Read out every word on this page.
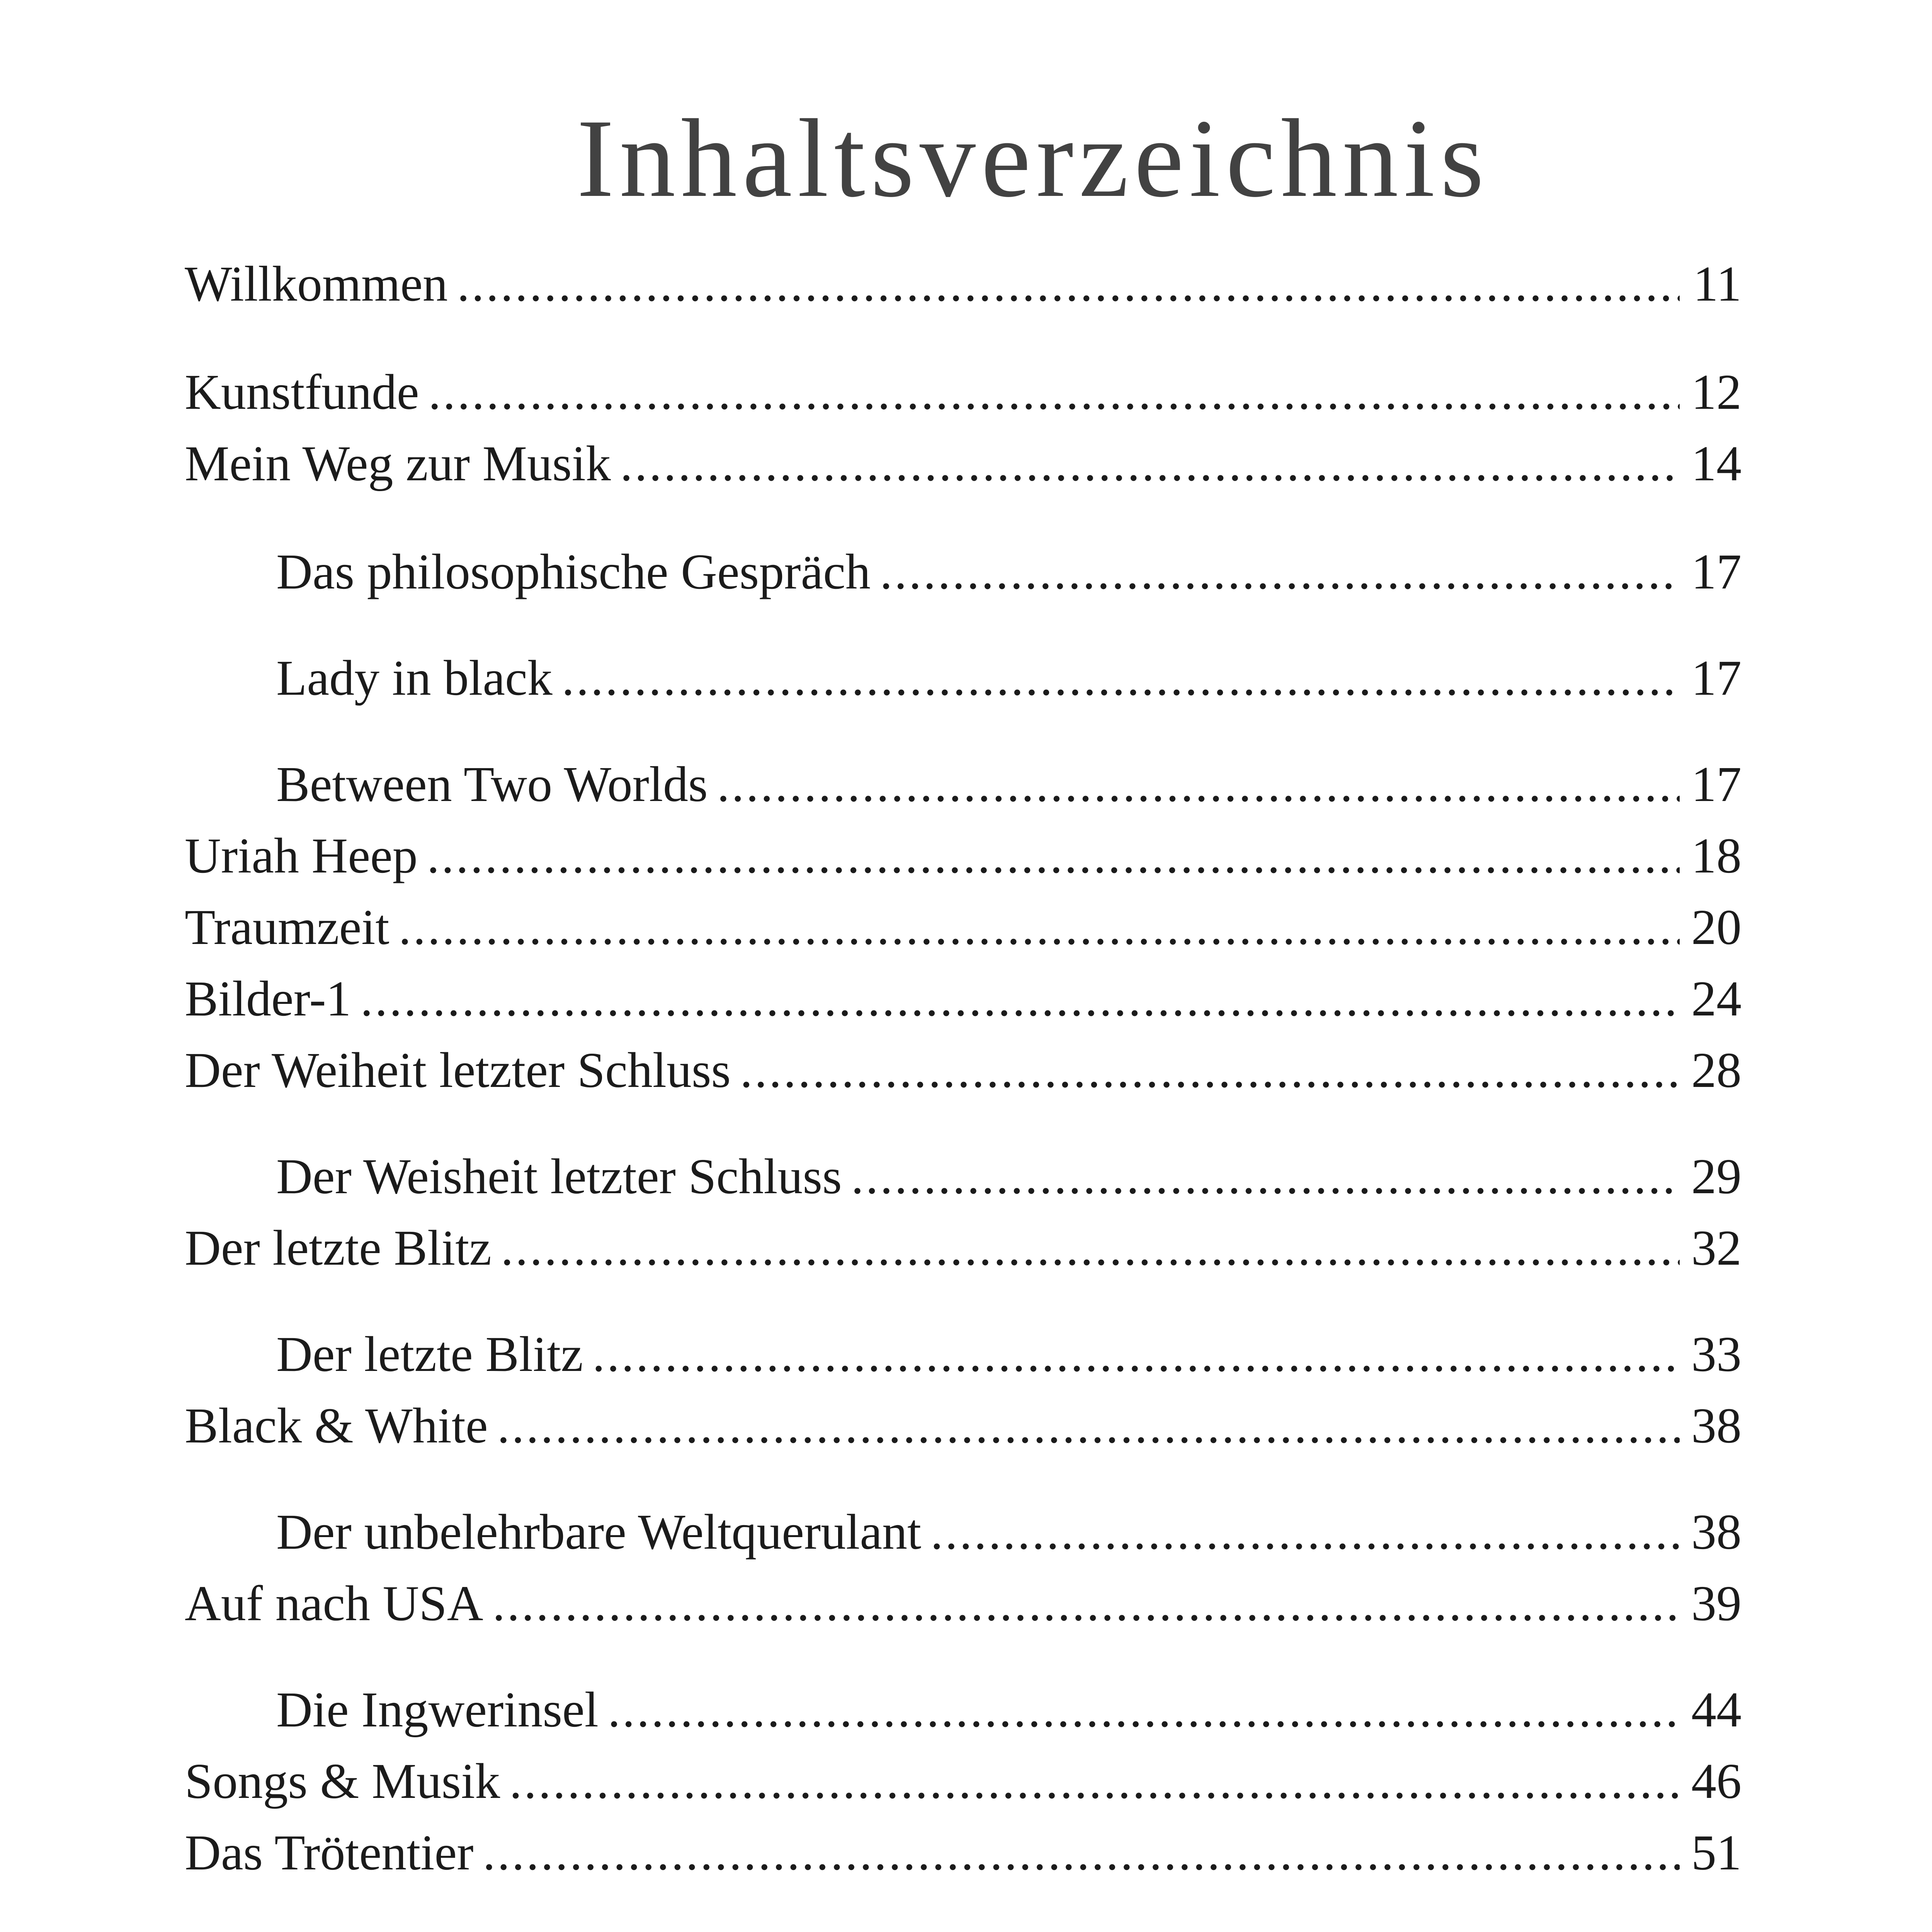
Inhaltsverzeichnis
Willkommen .....	11
Kunstfunde .....	12
Mein Weg zur Musik .....	14
Das philosophische Gespräch .....	17
Lady in black .....	17
Between Two Worlds .....	17
Uriah Heep .....	18
Traumzeit .....	20
Bilder-1 .....	24
Der Weiheit letzter Schluss .....	28
Der Weisheit letzter Schluss .....	29
Der letzte Blitz .....	32
Der letzte Blitz .....	33
Black & White .....	38
Der unbelehrbare Weltquerulant .....	38
Auf nach USA .....	39
Die Ingwerinsel .....	44
Songs & Musik .....	46
Das Trötentier .....	51
